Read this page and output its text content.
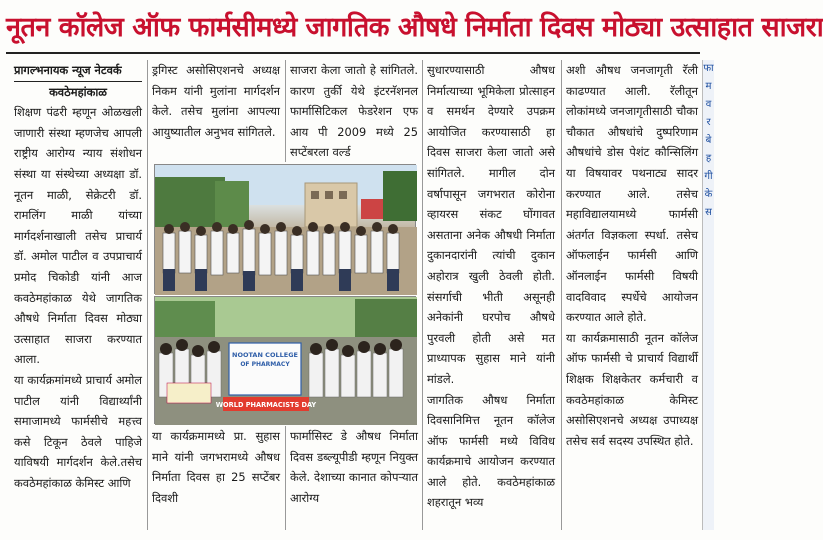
नूतन कॉलेज ऑफ फार्मसीमध्ये जागतिक औषधे निर्माता दिवस मोठ्या उत्साहात साजरा
प्रागल्भनायक न्यूज नेटवर्क
कवठेमहांकाळ

शिक्षण पंढरी म्हणून ओळखली जाणारी संस्था म्हणजेच आपली राष्ट्रीय आरोग्य न्याय संशोधन संस्था या संस्थेच्या अध्यक्षा डॉ. नूतन माळी, सेक्रेटरी डॉ. रामलिंग माळी यांच्या मार्गदर्शनाखाली तसेच प्राचार्य डॉ. अमोल पाटील व उपप्राचार्य प्रमोद चिकोडी यांनी आज कवठेमहांकाळ येथे जागतिक औषधे निर्माता दिवस मोठ्या उत्साहात साजरा करण्यात आला.

या कार्यक्रमांमध्ये प्राचार्य अमोल पाटील यांनी विद्यार्थ्यांनी समाजामध्ये फार्मसीचे महत्त्व कसे टिकून ठेवले पाहिजे याविषयी मार्गदर्शन केले.तसेच कवठेमहांकाळ केमिस्ट आणि

ड्रगिस्ट असोसिएशनचे अध्यक्ष निकम यांनी मुलांना मार्गदर्शन केले. तसेच मुलांना आपल्या आयुष्यातील अनुभव सांगितले.

साजरा केला जातो हे सांगितले. कारण तुर्की येथे इंटरनॅशनल फार्मासिटिकल फेडरेशन एफ आय पी 2009 मध्ये 25 सप्टेंबरला वर्ल्ड

NOOTAN COLLEGE
OF PHARMACY
WORLD PHARMACISTS DAY

या कार्यक्रमामध्ये प्रा. सुहास माने यांनी जगभरामध्ये औषध निर्माता दिवस हा 25 सप्टेंबर दिवशी

फार्मासिस्ट डे औषध निर्माता दिवस डब्ल्यूपीडी म्हणून नियुक्त केले. देशाच्या कानात कोपऱ्यात आरोग्य

सुधारण्यासाठी औषध निर्मात्याच्या भूमिकेला प्रोत्साहन व समर्थन देण्यारे उपक्रम आयोजित करण्यासाठी हा दिवस साजरा केला जातो असे सांगितले. मागील दोन वर्षापासून जगभरात कोरोना व्हायरस संकट घोंगावत असताना अनेक औषधी निर्माता दुकानदारांनी त्यांची दुकान अहोरात्र खुली ठेवली होती. संसर्गाची भीती असूनही अनेकांनी घरपोच औषधे पुरवली होती असे मत प्राध्यापक सुहास माने यांनी मांडले.

जागतिक औषध निर्माता दिवसानिमित्त नूतन कॉलेज ऑफ फार्मसी मध्ये विविध कार्यक्रमाचे आयोजन करण्यात आले होते. कवठेमहांकाळ शहरातून भव्य

अशी औषध जनजागृती रॅली काढण्यात आली. रॅलीतून लोकांमध्ये जनजागृतीसाठी चौका चौकात औषधांचे दुष्परिणाम औषधांचे डोस पेशंट कौन्सिलिंग या विषयावर पथनाट्य सादर करण्यात आले. तसेच महाविद्यालयामध्ये फार्मसी अंतर्गत विज्ञकला स्पर्धा. तसेच ऑफलाईन फार्मसी आणि ऑनलाईन फार्मसी विषयी वादविवाद स्पर्धेचे आयोजन करण्यात आले होते.

या कार्यक्रमासाठी नूतन कॉलेज ऑफ फार्मसी चे प्राचार्य विद्यार्थी शिक्षक शिक्षकेतर कर्मचारी व कवठेमहांकाळ केमिस्ट असोसिएशनचे अध्यक्ष उपाध्यक्ष तसेच सर्व सदस्य उपस्थित होते.

फा
म
व
र
बे
ह
गी
के
स
